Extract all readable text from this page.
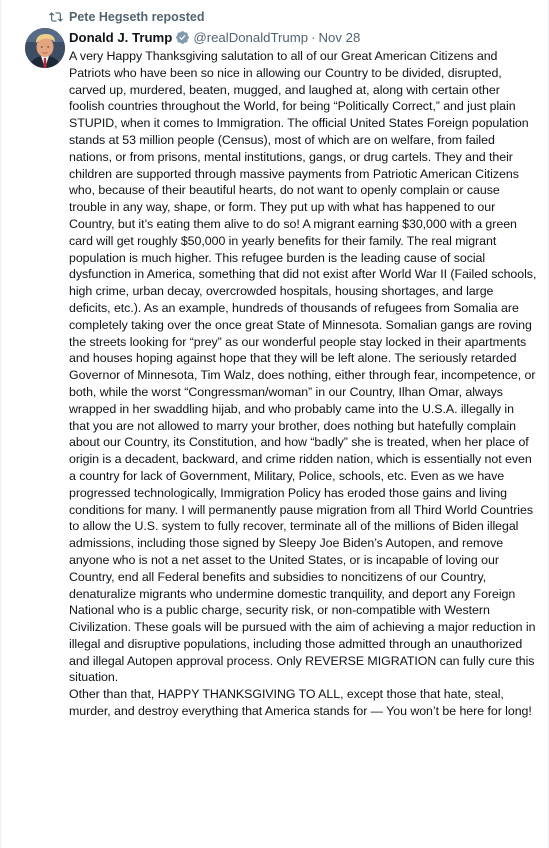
Pete Hegseth reposted
Donald J. Trump @realDonaldTrump · Nov 28

A very Happy Thanksgiving salutation to all of our Great American Citizens and Patriots who have been so nice in allowing our Country to be divided, disrupted, carved up, murdered, beaten, mugged, and laughed at, along with certain other foolish countries throughout the World, for being “Politically Correct,” and just plain STUPID, when it comes to Immigration. The official United States Foreign population stands at 53 million people (Census), most of which are on welfare, from failed nations, or from prisons, mental institutions, gangs, or drug cartels. They and their children are supported through massive payments from Patriotic American Citizens who, because of their beautiful hearts, do not want to openly complain or cause trouble in any way, shape, or form. They put up with what has happened to our Country, but it’s eating them alive to do so! A migrant earning $30,000 with a green card will get roughly $50,000 in yearly benefits for their family. The real migrant population is much higher. This refugee burden is the leading cause of social dysfunction in America, something that did not exist after World War II (Failed schools, high crime, urban decay, overcrowded hospitals, housing shortages, and large deficits, etc.). As an example, hundreds of thousands of refugees from Somalia are completely taking over the once great State of Minnesota. Somalian gangs are roving the streets looking for “prey” as our wonderful people stay locked in their apartments and houses hoping against hope that they will be left alone. The seriously retarded Governor of Minnesota, Tim Walz, does nothing, either through fear, incompetence, or both, while the worst “Congressman/woman” in our Country, Ilhan Omar, always wrapped in her swaddling hijab, and who probably came into the U.S.A. illegally in that you are not allowed to marry your brother, does nothing but hatefully complain about our Country, its Constitution, and how “badly” she is treated, when her place of origin is a decadent, backward, and crime ridden nation, which is essentially not even a country for lack of Government, Military, Police, schools, etc. Even as we have progressed technologically, Immigration Policy has eroded those gains and living conditions for many. I will permanently pause migration from all Third World Countries to allow the U.S. system to fully recover, terminate all of the millions of Biden illegal admissions, including those signed by Sleepy Joe Biden’s Autopen, and remove anyone who is not a net asset to the United States, or is incapable of loving our Country, end all Federal benefits and subsidies to noncitizens of our Country, denaturalize migrants who undermine domestic tranquility, and deport any Foreign National who is a public charge, security risk, or non-compatible with Western Civilization. These goals will be pursued with the aim of achieving a major reduction in illegal and disruptive populations, including those admitted through an unauthorized and illegal Autopen approval process. Only REVERSE MIGRATION can fully cure this situation.
Other than that, HAPPY THANKSGIVING TO ALL, except those that hate, steal, murder, and destroy everything that America stands for — You won’t be here for long!
